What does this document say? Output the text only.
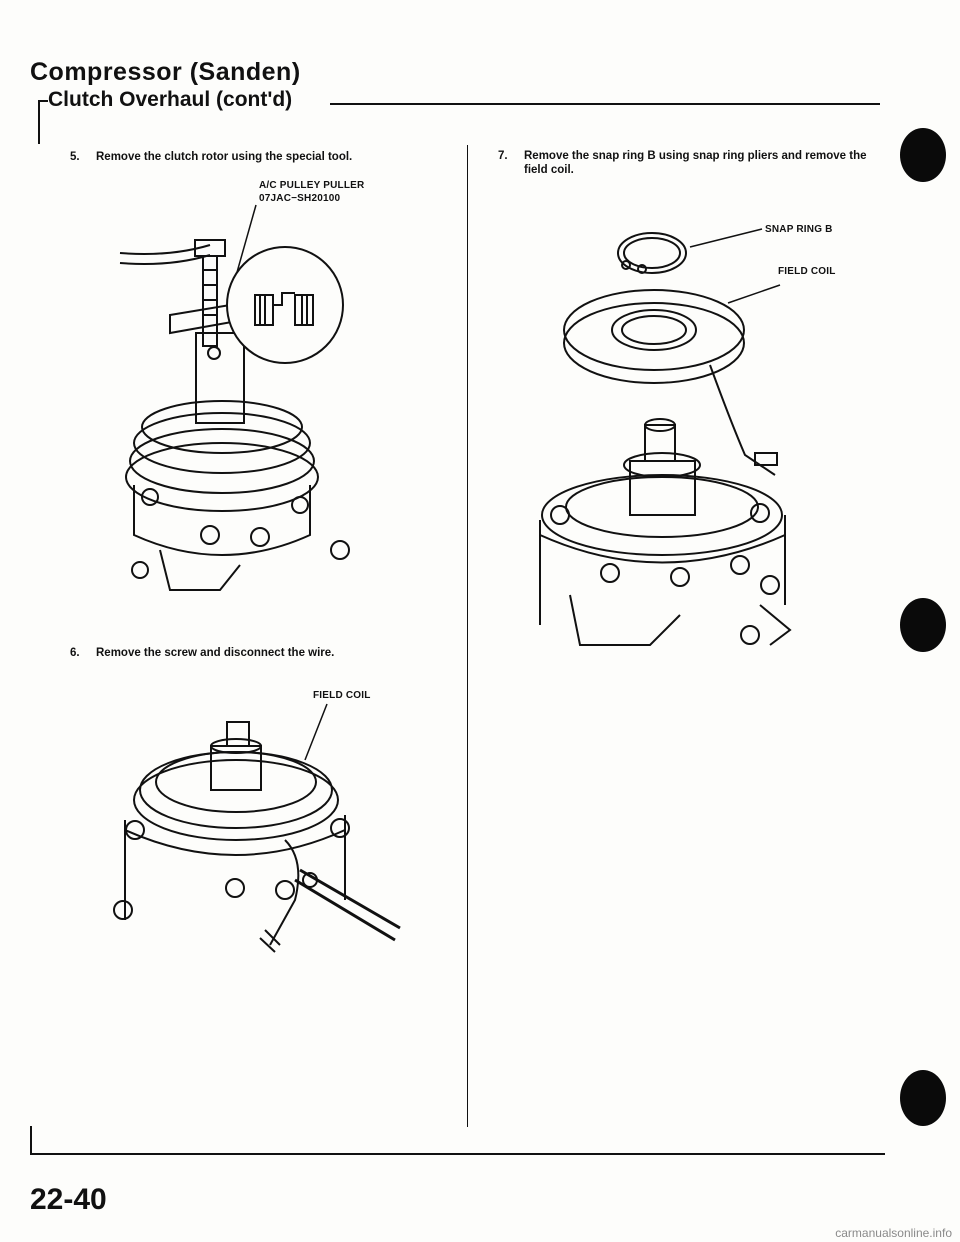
Compressor (Sanden)
Clutch Overhaul (cont'd)
5. Remove the clutch rotor using the special tool.
A/C PULLEY PULLER
07JAC−SH20100
6. Remove the screw and disconnect the wire.
FIELD COIL
7. Remove the snap ring B using snap ring pliers and remove the field coil.
SNAP RING B
FIELD COIL
22-40
carmanualsonline.info
